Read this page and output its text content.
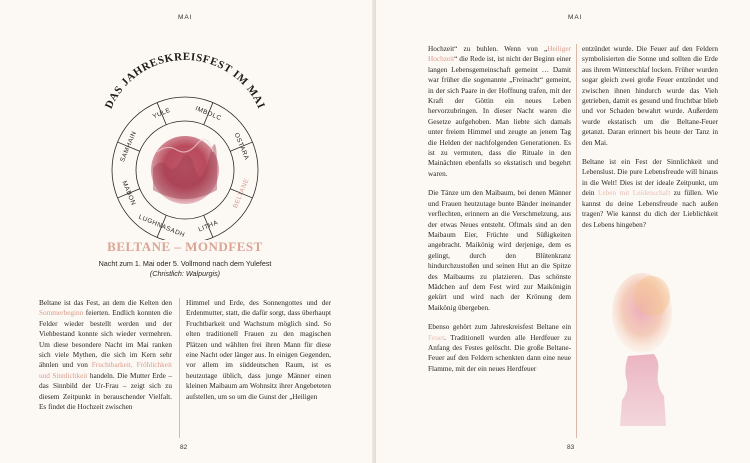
MAI
DAS JAHRESKREISFEST IM MAI
YULE	IMBOLC
OSTARA
BELTANE
LITHA
LUGHNASADH
MABON
SAMHAIN
BELTANE – MONDFEST
Nacht zum 1. Mai oder 5. Vollmond nach dem Yulefest
(Christlich: Walpurgis)

Beltane ist das Fest, an dem die Kelten den Sommerbeginn feierten. Endlich konnten die Felder wieder bestellt werden und der Viehbestand konnte sich wieder vermehren. Um diese besondere Nacht im Mai ranken sich viele Mythen, die sich im Kern sehr ähnlen und von Fruchtbarkeit, Fröhlichkeit und Sinnlichkeit handeln. Die Mutter Erde – das Sinnbild der Ur-Frau – zeigt sich zu diesem Zeitpunkt in berauschender Vielfalt. Es findet die Hochzeit zwischen

Himmel und Erde, des Sonnengottes und der Erdenmutter, statt, die dafür sorgt, dass überhaupt Fruchtbarkeit und Wachstum möglich sind. So elten traditionell Frauen zu den magischen Plätzen und wählten frei ihren Mann für diese eine Nacht oder länger aus. In einigen Gegenden, vor allem im süddeutschen Raum, ist es heutzutage üblich, dass junge Männer einen kleinen Maibaum am Wohnsitz ihrer Angebeteten aufstellen, um so um die Gunst der „Heiligen

82
MAI

Hochzeit“ zu buhlen. Wenn von „Heiliger Hochzeit“ die Rede ist, ist nicht der Beginn einer langen Lebensgemeinschaft gemeint … Damit war früher die sogenannte „Freinacht“ gemeint, in der sich Paare in der Hoffnung trafen, mit der Kraft der Göttin ein neues Leben hervorzubringen. In dieser Nacht waren die Gesetze aufgehoben. Man liebte sich damals unter freiem Himmel und zeugte an jenem Tag die Helden der nachfolgenden Generationen. Es ist zu vermuten, dass die Rituale in den Mainächten ebenfalls so ekstatisch und begehrt waren.

Die Tänze um den Maibaum, bei denen Männer und Frauen heutzutage bunte Bänder ineinander verflechten, erinnern an die Verschmelzung, aus der etwas Neues entsteht. Oftmals sind an den Maibaum Eier, Früchte und Süßigkeiten angebracht. Maikönig wird derjenige, dem es gelingt, durch den Blütenkranz hindurchzustoßen und seinen Hut an die Spitze des Maibaums zu platzieren. Das schönste Mädchen auf dem Fest wird zur Maikönigin gekürt und wird nach der Krönung dem Maikönig übergeben.

Ebenso gehört zum Jahreskreisfest Beltane ein Feuer. Traditionell wurden alle Herdfeuer zu Anfang des Festes gelöscht. Die große Beltane-Feuer auf den Feldern schenkten dann eine neue Flamme, mit der ein neues Herdfeuer

entzündet wurde. Die Feuer auf den Feldern symbolisierten die Sonne und sollten die Erde aus ihrem Winterschlaf locken. Früher wurden sogar gleich zwei große Feuer entzündet und zwischen ihnen hindurch wurde das Vieh getrieben, damit es gesund und fruchtbar blieb und vor Schaden bewahrt wurde. Außerdem wurde ekstatisch um die Beltane-Feuer getanzt. Daran erinnert bis heute der Tanz in den Mai.

Beltane ist ein Fest der Sinnlichkeit und Lebenslust. Die pure Lebensfreude will hinaus in die Welt! Dies ist der ideale Zeitpunkt, um dein Leben mit Leidenschaft zu füllen. Wie kannst du deine Lebensfreude nach außen tragen? Wie kannst du dich der Lieblichkeit des Lebens hingeben?

83
